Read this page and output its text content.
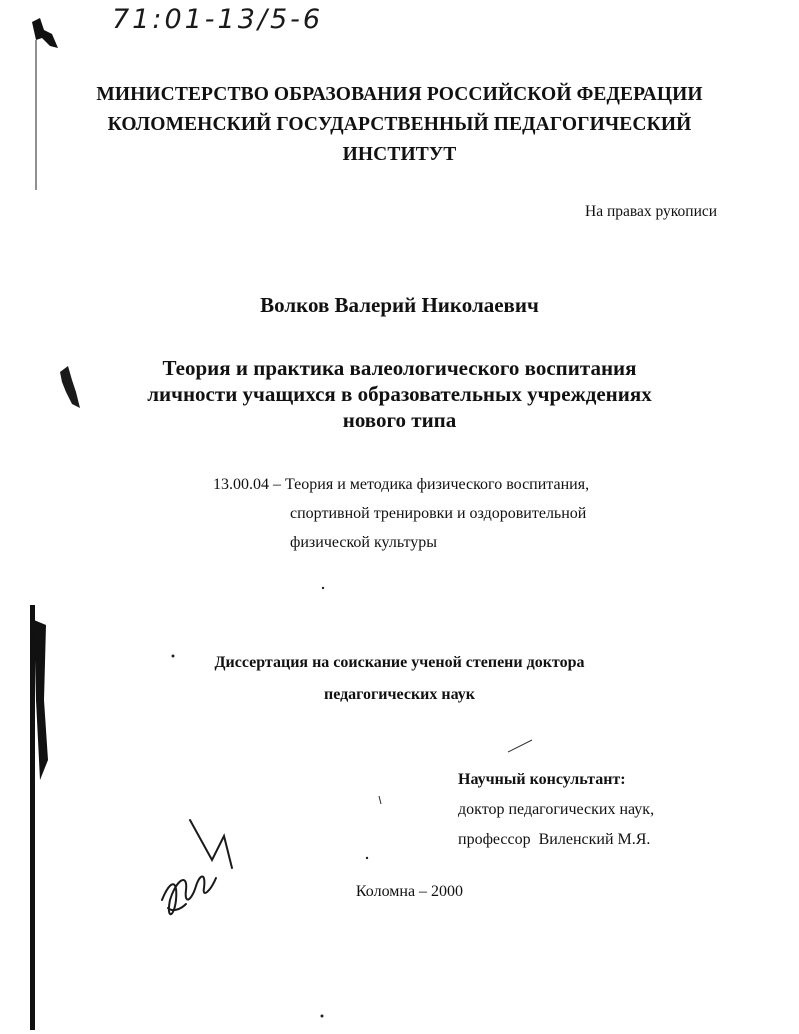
71:01-13/5-6
МИНИСТЕРСТВО ОБРАЗОВАНИЯ РОССИЙСКОЙ ФЕДЕРАЦИИ
КОЛОМЕНСКИЙ ГОСУДАРСТВЕННЫЙ ПЕДАГОГИЧЕСКИЙ
ИНСТИТУТ
На правах рукописи
Волков Валерий Николаевич
Теория и практика валеологического воспитания
личности учащихся в образовательных учреждениях
нового типа
13.00.04 – Теория и методика физического воспитания,
спортивной тренировки и оздоровительной
физической культуры
Диссертация на соискание ученой степени доктора
педагогических наук
Научный консультант:
доктор педагогических наук,
профессор  Виленский М.Я.
Коломна – 2000
